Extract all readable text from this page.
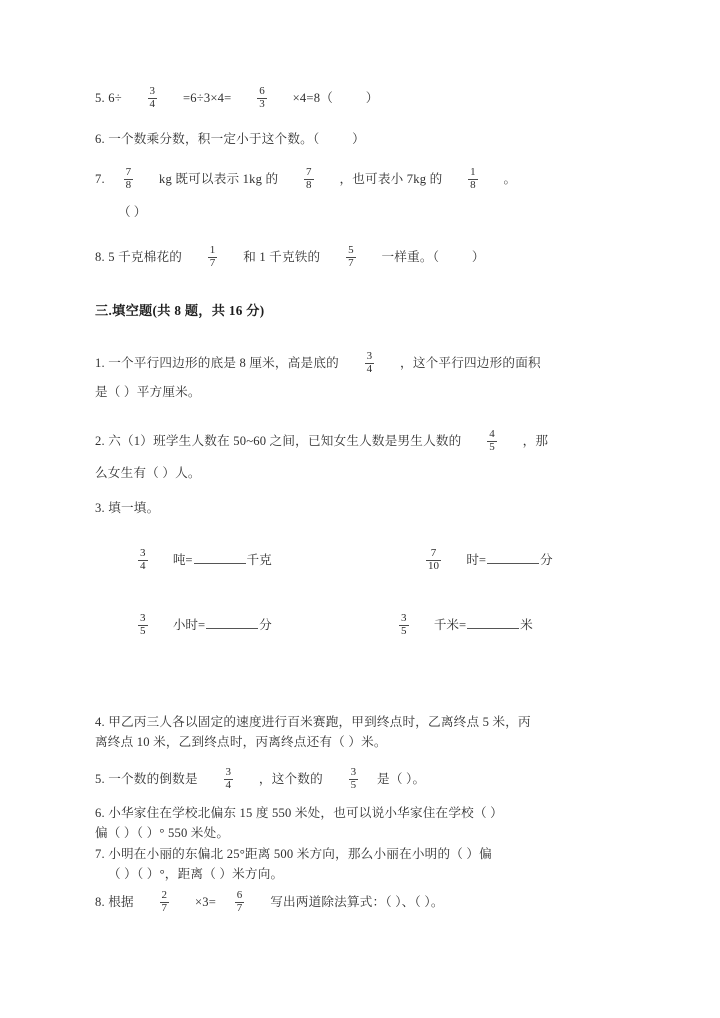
5. $6\div \frac{3}{4} =6\div 3\times 4= \frac{6}{3} \times 4=8$（	）
6. 一个数乘分数，积一定小于这个数。（	）
7. $\frac{7}{8}$ kg 既可以表示 1kg 的 $\frac{7}{8}$ ，也可表小 7kg 的 $\frac{1}{8}$ 。
（ ）
8. 5 千克棉花的 $\frac{1}{7}$ 和 1 千克铁的 $\frac{5}{7}$ 一样重。（	）
三.填空题(共 8 题，共 16 分)
1. 一个平行四边形的底是 8 厘米，高是底的 $\frac{3}{4}$ ，这个平行四边形的面积
是（ ）平方厘米。
2. 六（1）班学生人数在 50~60 之间，已知女生人数是男生人数的 $\frac{4}{5}$ ，那
么女生有（ ）人。
3. 填一填。
$\frac{3}{4}$ 吨=	千克	$\frac{7}{10}$ 时=	分
$\frac{3}{5}$ 小时=	分	$\frac{3}{5}$ 千米=	米
4. 甲乙丙三人各以固定的速度进行百米赛跑，甲到终点时，乙离终点 5 米，丙
离终点 10 米，乙到终点时，丙离终点还有（ ）米。
5. 一个数的倒数是 $\frac{3}{4}$ ，这个数的 $\frac{3}{5}$ 是（ ）。
6. 小华家住在学校北偏东 15 度 550 米处，也可以说小华家住在学校（ ）
偏（ ）（ ）° 550 米处。
7. 小明在小丽的东偏北 25°距离 500 米方向，那么小丽在小明的（ ）偏
（ ）（ ）°，距离（ ）米方向。
8. 根据 $\frac{2}{7} \times 3= \frac{6}{7}$ 写出两道除法算式：（ ）、（ ）。
